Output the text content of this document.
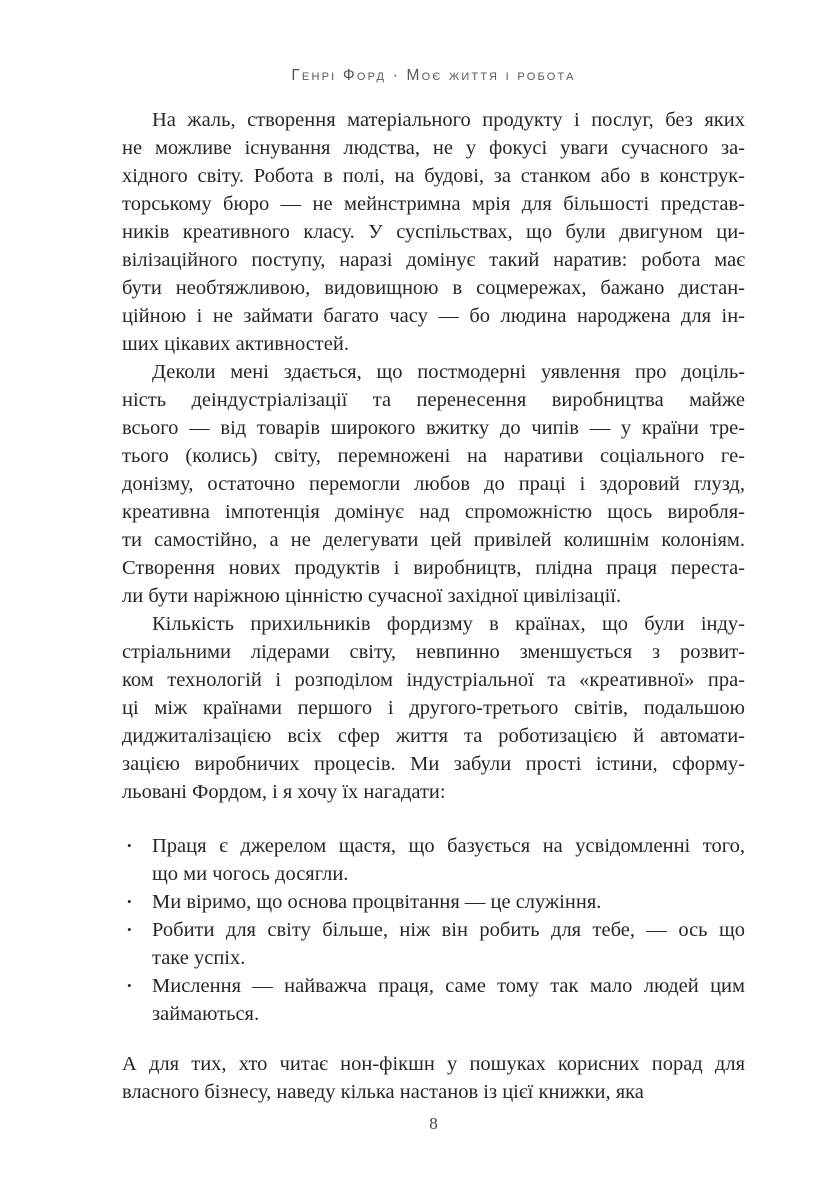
Генрі Форд · Моє життя і робота
На жаль, створення матеріального продукту і послуг, без яких
не можливе існування людства, не у фокусі уваги сучасного за-
хідного світу. Робота в полі, на будові, за станком або в конструк-
торському бюро — не мейнстримна мрія для більшості представ-
ників креативного класу. У суспільствах, що були двигуном ци-
вілізаційного поступу, наразі домінує такий наратив: робота має
бути необтяжливою, видовищною в соцмережах, бажано дистан-
ційною і не займати багато часу — бо людина народжена для ін-
ших цікавих активностей.
Деколи мені здається, що постмодерні уявлення про доціль-
ність деіндустріалізації та перенесення виробництва майже
всього — від товарів широкого вжитку до чипів — у країни тре-
тього (колись) світу, перемножені на наративи соціального ге-
донізму, остаточно перемогли любов до праці і здоровий глузд,
креативна імпотенція домінує над спроможністю щось виробля-
ти самостійно, а не делегувати цей привілей колишнім колоніям.
Створення нових продуктів і виробництв, плідна праця переста-
ли бути наріжною цінністю сучасної західної цивілізації.
Кількість прихильників фордизму в країнах, що були інду-
стріальними лідерами світу, невпинно зменшується з розвит-
ком технологій і розподілом індустріальної та «креативної» пра-
ці між країнами першого і другого-третього світів, подальшою
диджиталізацією всіх сфер життя та роботизацією й автомати-
зацією виробничих процесів. Ми забули прості істини, сформу-
льовані Фордом, і я хочу їх нагадати:
• Праця є джерелом щастя, що базується на усвідомленні того,
що ми чогось досягли.
• Ми віримо, що основа процвітання — це служіння.
• Робити для світу більше, ніж він робить для тебе, — ось що
таке успіх.
• Мислення — найважча праця, саме тому так мало людей цим
займаються.
А для тих, хто читає нон-фікшн у пошуках корисних порад для
власного бізнесу, наведу кілька настанов із цієї книжки, яка
8
